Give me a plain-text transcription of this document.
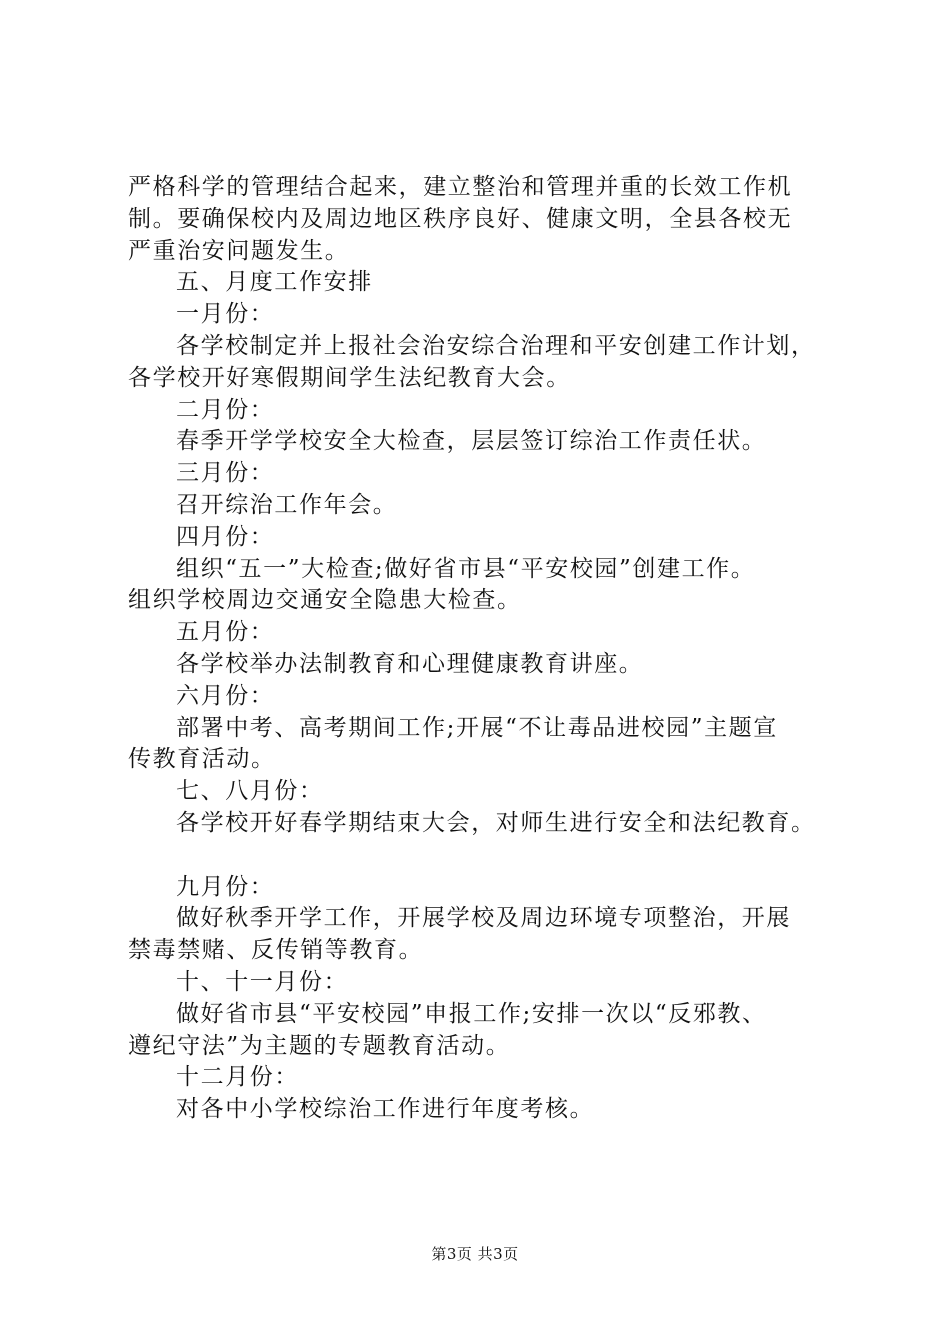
严格科学的管理结合起来，建立整治和管理并重的长效工作机
制。要确保校内及周边地区秩序良好、健康文明，全县各校无
严重治安问题发生。
五、月度工作安排
一月份：
各学校制定并上报社会治安综合治理和平安创建工作计划，
各学校开好寒假期间学生法纪教育大会。
二月份：
春季开学学校安全大检查，层层签订综治工作责任状。
三月份：
召开综治工作年会。
四月份：
组织“五一”大检查;做好省市县“平安校园”创建工作。
组织学校周边交通安全隐患大检查。
五月份：
各学校举办法制教育和心理健康教育讲座。
六月份：
部署中考、高考期间工作;开展“不让毒品进校园”主题宣
传教育活动。
七、八月份：
各学校开好春学期结束大会，对师生进行安全和法纪教育。
九月份：
做好秋季开学工作，开展学校及周边环境专项整治，开展
禁毒禁赌、反传销等教育。
十、十一月份：
做好省市县“平安校园”申报工作;安排一次以“反邪教、
遵纪守法”为主题的专题教育活动。
十二月份：
对各中小学校综治工作进行年度考核。
第3页 共3页
